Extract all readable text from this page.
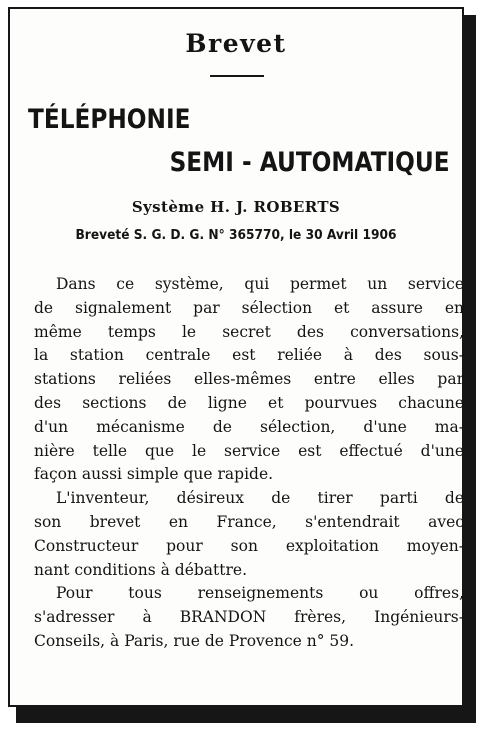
Brevet
TÉLÉPHONIE
SEMI - AUTOMATIQUE
Système H. J. ROBERTS
Breveté S. G. D. G. N° 365770, le 30 Avril 1906
Dans ce système, qui permet un service
de signalement par sélection et assure en
même temps le secret des conversations,
la station centrale est reliée à des sous-
stations reliées elles-mêmes entre elles par
des sections de ligne et pourvues chacune
d'un mécanisme de sélection, d'une ma-
nière telle que le service est effectué d'une
façon aussi simple que rapide.
L'inventeur, désireux de tirer parti de
son brevet en France, s'entendrait avec
Constructeur pour son exploitation moyen-
nant conditions à débattre.
Pour tous renseignements ou offres,
s'adresser à BRANDON frères, Ingénieurs-
Conseils, à Paris, rue de Provence n° 59.
